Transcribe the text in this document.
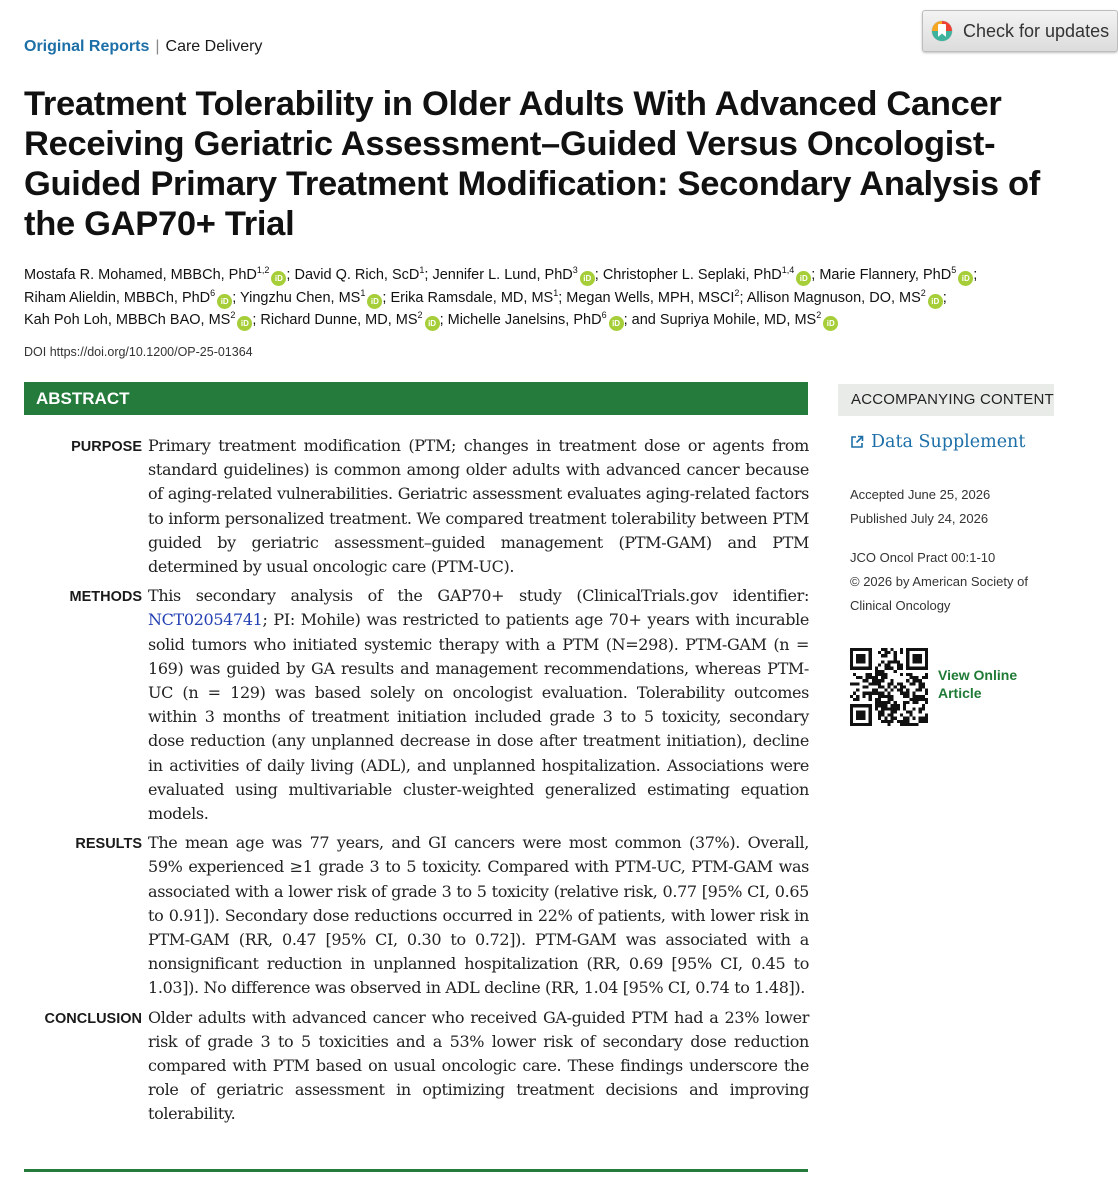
Original Reports | Care Delivery
Check for updates
Treatment Tolerability in Older Adults With Advanced Cancer Receiving Geriatric Assessment–Guided Versus Oncologist-Guided Primary Treatment Modification: Secondary Analysis of the GAP70+ Trial
Mostafa R. Mohamed, MBBCh, PhD$^{1,2}$iD ; David Q. Rich, ScD$^1$; Jennifer L. Lund, PhD$^3$iD ; Christopher L. Seplaki, PhD$^{1,4}$iD ; Marie Flannery, PhD$^5$iD ; Riham Alieldin, MBBCh, PhD$^6$iD ; Yingzhu Chen, $MS^1iD$ ; Erika Ramsdale, MD, $MS^1$; Megan Wells, MPH, MSCI$^2$; Allison Magnuson, DO, $MS^2iD$ ; Kah Poh Loh, MBBCh BAO, $MS^2iD$ ; Richard Dunne, MD, $MS^2iD$ ; Michelle Janelsins, PhD$^6$iD ; and Supriya Mohile, MD, $MS^2iD$
DOI https://doi.org/10.1200/OP-25-01364
ABSTRACT
PURPOSE Primary treatment modification (PTM; changes in treatment dose or agents from standard guidelines) is common among older adults with advanced cancer because of aging-related vulnerabilities. Geriatric assessment evaluates aging-related factors to inform personalized treatment. We compared treatment tolerability between PTM guided by geriatric assessment–guided management (PTM-GAM) and PTM determined by usual oncologic care (PTM-UC).
METHODS This secondary analysis of the GAP70+ study (ClinicalTrials.gov identifier: NCT02054741; PI: Mohile) was restricted to patients age 70+ years with incurable solid tumors who initiated systemic therapy with a PTM (N=298). PTM-GAM (n = 169) was guided by GA results and management recommendations, whereas PTM-UC (n = 129) was based solely on oncologist evaluation. Tolerability outcomes within 3 months of treatment initiation included grade 3 to 5 toxicity, secondary dose reduction (any unplanned decrease in dose after treatment initiation), decline in activities of daily living (ADL), and unplanned hospitalization. Associations were evaluated using multivariable cluster-weighted generalized estimating equation models.
RESULTS The mean age was 77 years, and GI cancers were most common (37%). Overall, 59% experienced ≥1 grade 3 to 5 toxicity. Compared with PTM-UC, PTM-GAM was associated with a lower risk of grade 3 to 5 toxicity (relative risk, 0.77 [95% CI, 0.65 to 0.91]). Secondary dose reductions occurred in 22% of patients, with lower risk in PTM-GAM (RR, 0.47 [95% CI, 0.30 to 0.72]). PTM-GAM was associated with a nonsignificant reduction in unplanned hospitalization (RR, 0.69 [95% CI, 0.45 to 1.03]). No difference was observed in ADL decline (RR, 1.04 [95% CI, 0.74 to 1.48]).
CONCLUSION Older adults with advanced cancer who received GA-guided PTM had a 23% lower risk of grade 3 to 5 toxicities and a 53% lower risk of secondary dose reduction compared with PTM based on usual oncologic care. These findings underscore the role of geriatric assessment in optimizing treatment decisions and improving tolerability.
ACCOMPANYING CONTENT
Data Supplement
Accepted June 25, 2026
Published July 24, 2026
JCO Oncol Pract 00:1-10
© 2026 by American Society of
Clinical Oncology
View Online
Article
